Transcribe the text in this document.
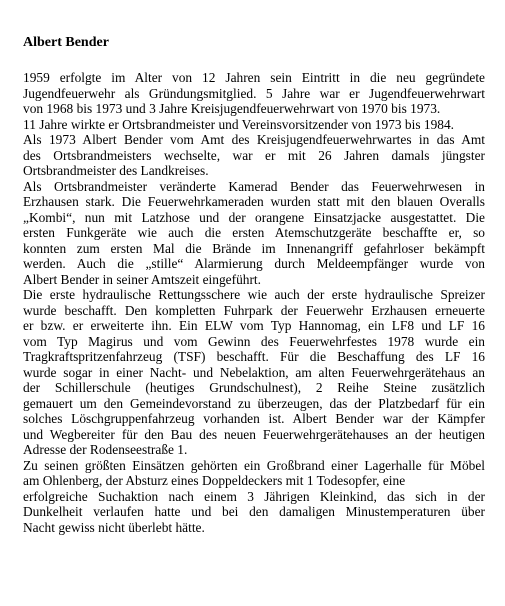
Albert Bender
1959 erfolgte im Alter von 12 Jahren sein Eintritt in die neu gegründete
Jugendfeuerwehr als Gründungsmitglied. 5 Jahre war er Jugendfeuerwehrwart
von 1968 bis 1973 und 3 Jahre Kreisjugendfeuerwehrwart von 1970 bis 1973.
11 Jahre wirkte er Ortsbrandmeister und Vereinsvorsitzender von 1973 bis 1984.
Als 1973 Albert Bender vom Amt des Kreisjugendfeuerwehrwartes in das Amt
des Ortsbrandmeisters wechselte, war er mit 26 Jahren damals jüngster
Ortsbrandmeister des Landkreises.
Als Ortsbrandmeister veränderte Kamerad Bender das Feuerwehrwesen in
Erzhausen stark. Die Feuerwehrkameraden wurden statt mit den blauen Overalls
„Kombi“, nun mit Latzhose und der orangene Einsatzjacke ausgestattet. Die
ersten Funkgeräte wie auch die ersten Atemschutzgeräte beschaffte er, so
konnten zum ersten Mal die Brände im Innenangriff gefahrloser bekämpft
werden. Auch die „stille“ Alarmierung durch Meldeempfänger wurde von
Albert Bender in seiner Amtszeit eingeführt.
Die erste hydraulische Rettungsschere wie auch der erste hydraulische Spreizer
wurde beschafft. Den kompletten Fuhrpark der Feuerwehr Erzhausen erneuerte
er bzw. er erweiterte ihn. Ein ELW vom Typ Hannomag, ein LF8 und LF 16
vom Typ Magirus und vom Gewinn des Feuerwehrfestes 1978 wurde ein
Tragkraftspritzenfahrzeug (TSF) beschafft. Für die Beschaffung des LF 16
wurde sogar in einer Nacht- und Nebelaktion, am alten Feuerwehrgerätehaus an
der Schillerschule (heutiges Grundschulnest), 2 Reihe Steine zusätzlich
gemauert um den Gemeindevorstand zu überzeugen, das der Platzbedarf für ein
solches Löschgruppenfahrzeug vorhanden ist. Albert Bender war der Kämpfer
und Wegbereiter für den Bau des neuen Feuerwehrgerätehauses an der heutigen
Adresse der Rodenseestraße 1.
Zu seinen größten Einsätzen gehörten ein Großbrand einer Lagerhalle für Möbel
am Ohlenberg, der Absturz eines Doppeldeckers mit 1 Todesopfer, eine
erfolgreiche Suchaktion nach einem 3 Jährigen Kleinkind, das sich in der
Dunkelheit verlaufen hatte und bei den damaligen Minustemperaturen über
Nacht gewiss nicht überlebt hätte.
